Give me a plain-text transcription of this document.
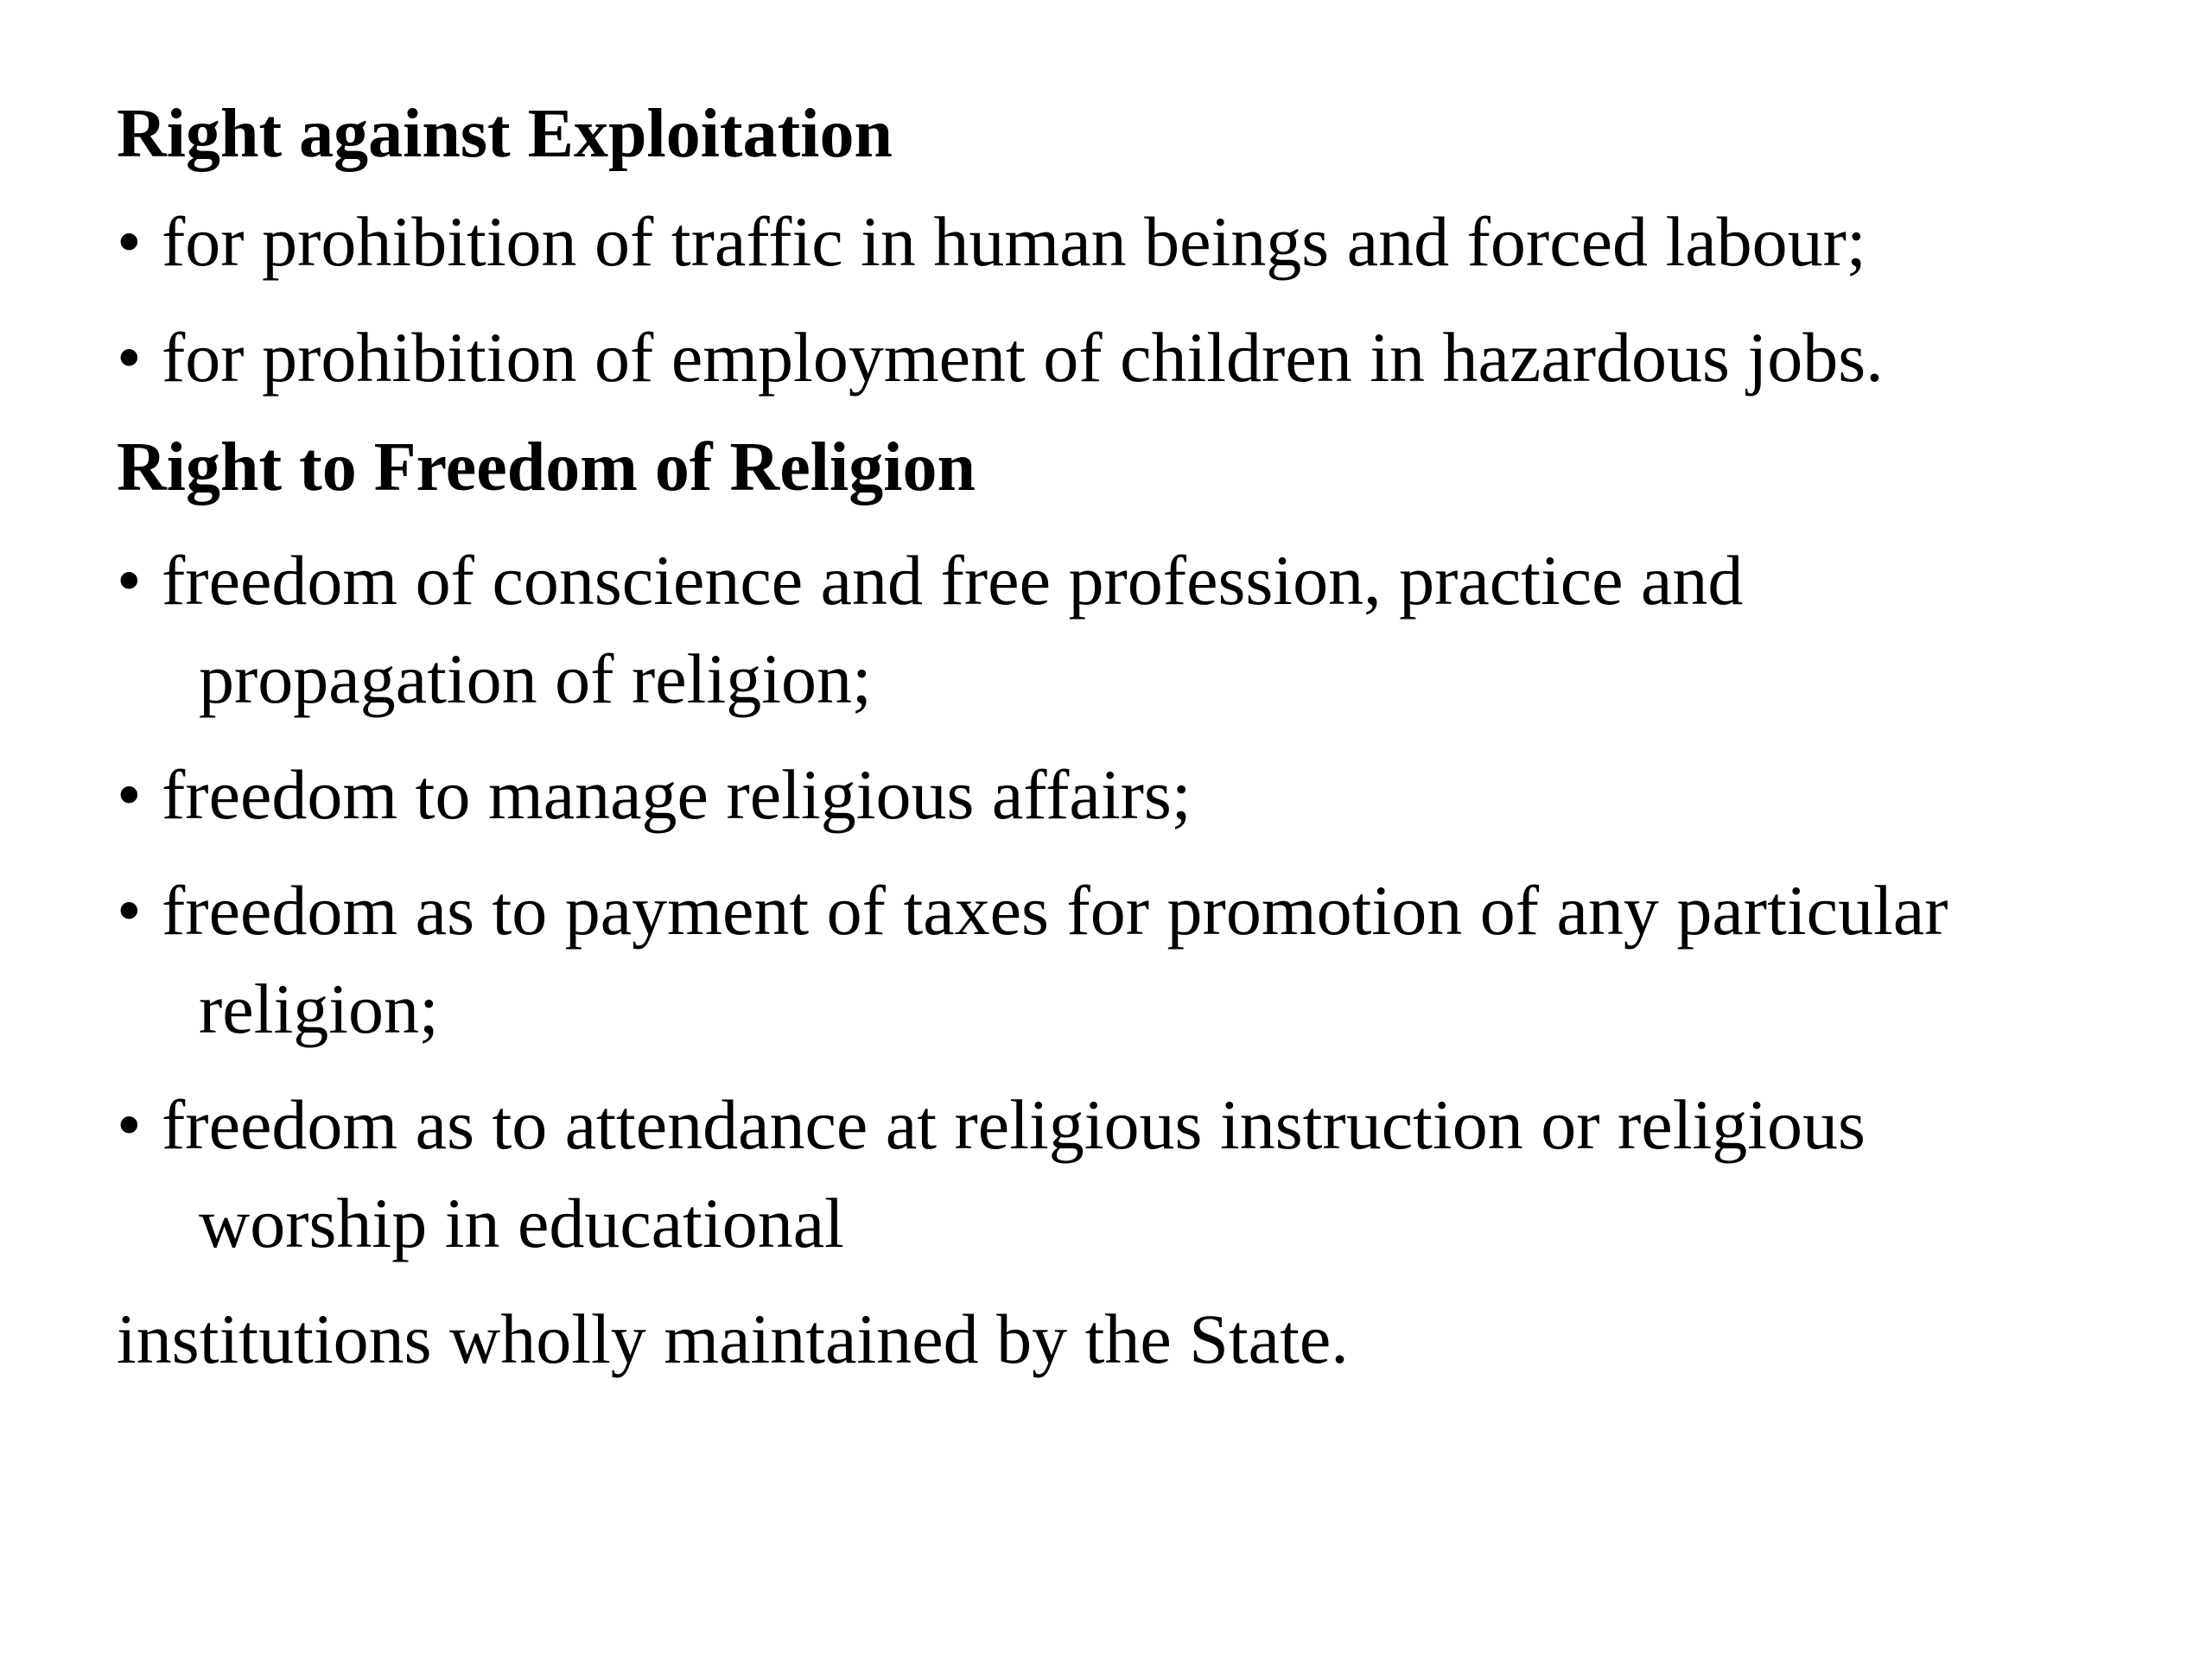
Right against Exploitation

• for prohibition of traffic in human beings and forced labour;

• for prohibition of employment of children in hazardous jobs.

Right to Freedom of Religion

• freedom of conscience and free profession, practice and
propagation of religion;

• freedom to manage religious affairs;

• freedom as to payment of taxes for promotion of any particular
religion;

• freedom as to attendance at religious instruction or religious
worship in educational

institutions wholly maintained by the State.
